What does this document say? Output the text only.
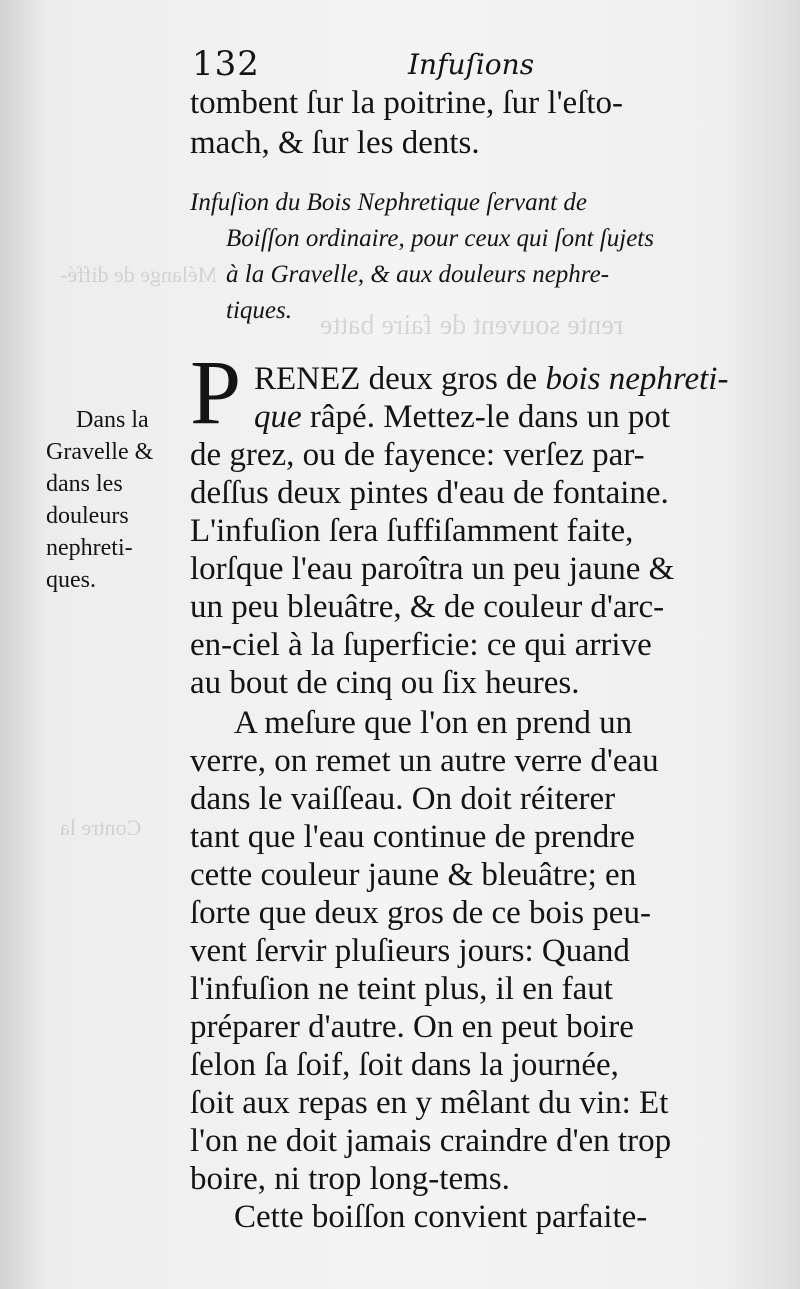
Mélange de diffé-
rente souvent de faire batte
Contre la
132	Infuſions
tombent ſur la poitrine, ſur l'eſto-
mach, & ſur les dents.
Infuſion du Bois Nephretique ſervant de
Boiſſon ordinaire, pour ceux qui ſont ſujets
à la Gravelle, & aux douleurs nephre-
tiques.
P RENEZ deux gros de bois nephreti-
que râpé. Mettez-le dans un pot
de grez, ou de fayence: verſez par-
deſſus deux pintes d'eau de fontaine.
L'infuſion ſera ſuffiſamment faite,
lorſque l'eau paroîtra un peu jaune &
un peu bleuâtre, & de couleur d'arc-
en-ciel à la ſuperficie: ce qui arrive
au bout de cinq ou ſix heures.
A meſure que l'on en prend un
verre, on remet un autre verre d'eau
dans le vaiſſeau. On doit réiterer
tant que l'eau continue de prendre
cette couleur jaune & bleuâtre; en
ſorte que deux gros de ce bois peu-
vent ſervir pluſieurs jours: Quand
l'infuſion ne teint plus, il en faut
préparer d'autre. On en peut boire
ſelon ſa ſoif, ſoit dans la journée,
ſoit aux repas en y mêlant du vin: Et
l'on ne doit jamais craindre d'en trop
boire, ni trop long-tems.
Cette boiſſon convient parfaite-
Dans la
Gravelle &
dans les
douleurs
nephreti-
ques.
